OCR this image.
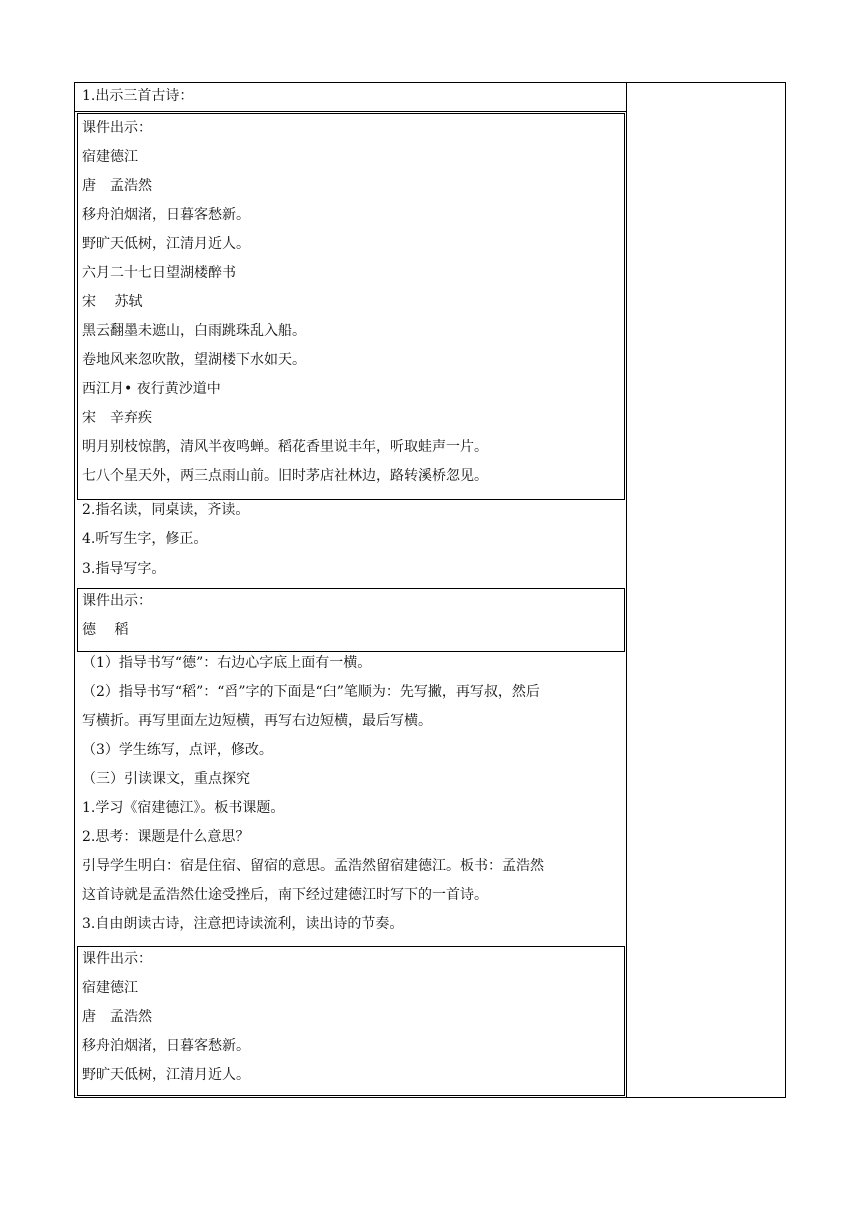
1.出示三首古诗：
课件出示：
宿建德江
唐　孟浩然
移舟泊烟渚，日暮客愁新。
野旷天低树，江清月近人。
六月二十七日望湖楼醉书
宋　 苏轼
黑云翻墨未遮山，白雨跳珠乱入船。
卷地风来忽吹散，望湖楼下水如天。
西江月• 夜行黄沙道中
宋　辛弃疾
明月别枝惊鹊，清风半夜鸣蝉。稻花香里说丰年，听取蛙声一片。
七八个星天外，两三点雨山前。旧时茅店社林边，路转溪桥忽见。
2.指名读，同桌读，齐读。
4.听写生字，修正。
3.指导写字。
课件出示：
德　 稻
（1）指导书写“德”：右边心字底上面有一横。
（2）指导书写“稻”：“舀”字的下面是“臼”笔顺为：先写撇，再写叔，然后
写横折。再写里面左边短横，再写右边短横，最后写横。
（3）学生练写，点评，修改。
（三）引读课文，重点探究
1.学习《宿建德江》。板书课题。
2.思考：课题是什么意思？
引导学生明白：宿是住宿、留宿的意思。孟浩然留宿建德江。板书：孟浩然
这首诗就是孟浩然仕途受挫后，南下经过建德江时写下的一首诗。
3.自由朗读古诗，注意把诗读流利，读出诗的节奏。
课件出示：
宿建德江
唐　孟浩然
移舟泊烟渚，日暮客愁新。
野旷天低树，江清月近人。
